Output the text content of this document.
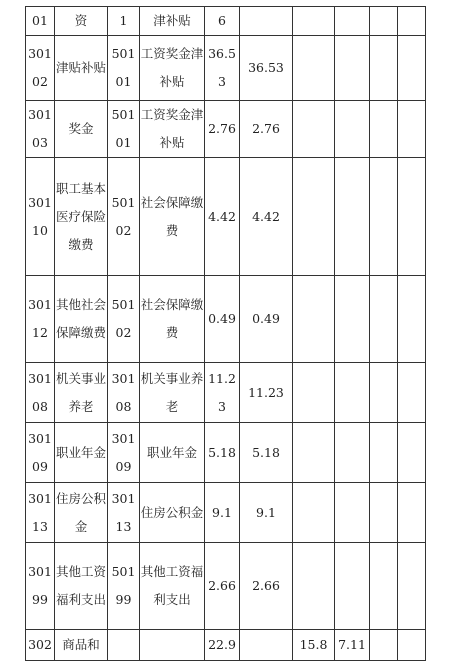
01	资	1	津补贴	6					
30102	津贴补贴	50101	工资奖金津补贴	36.53	36.53				
30103	奖金	50101	工资奖金津补贴	2.76	2.76				
30110	职工基本医疗保险缴费	50102	社会保障缴费	4.42	4.42				
30112	其他社会保障缴费	50102	社会保障缴费	0.49	0.49				
30108	机关事业养老	30108	机关事业养老	11.23	11.23				
30109	职业年金	30109	职业年金	5.18	5.18				
30113	住房公积金	30113	住房公积金	9.1	9.1				
30199	其他工资福利支出	50199	其他工资福利支出	2.66	2.66				
302	商品和			22.9		15.8	7.11		
